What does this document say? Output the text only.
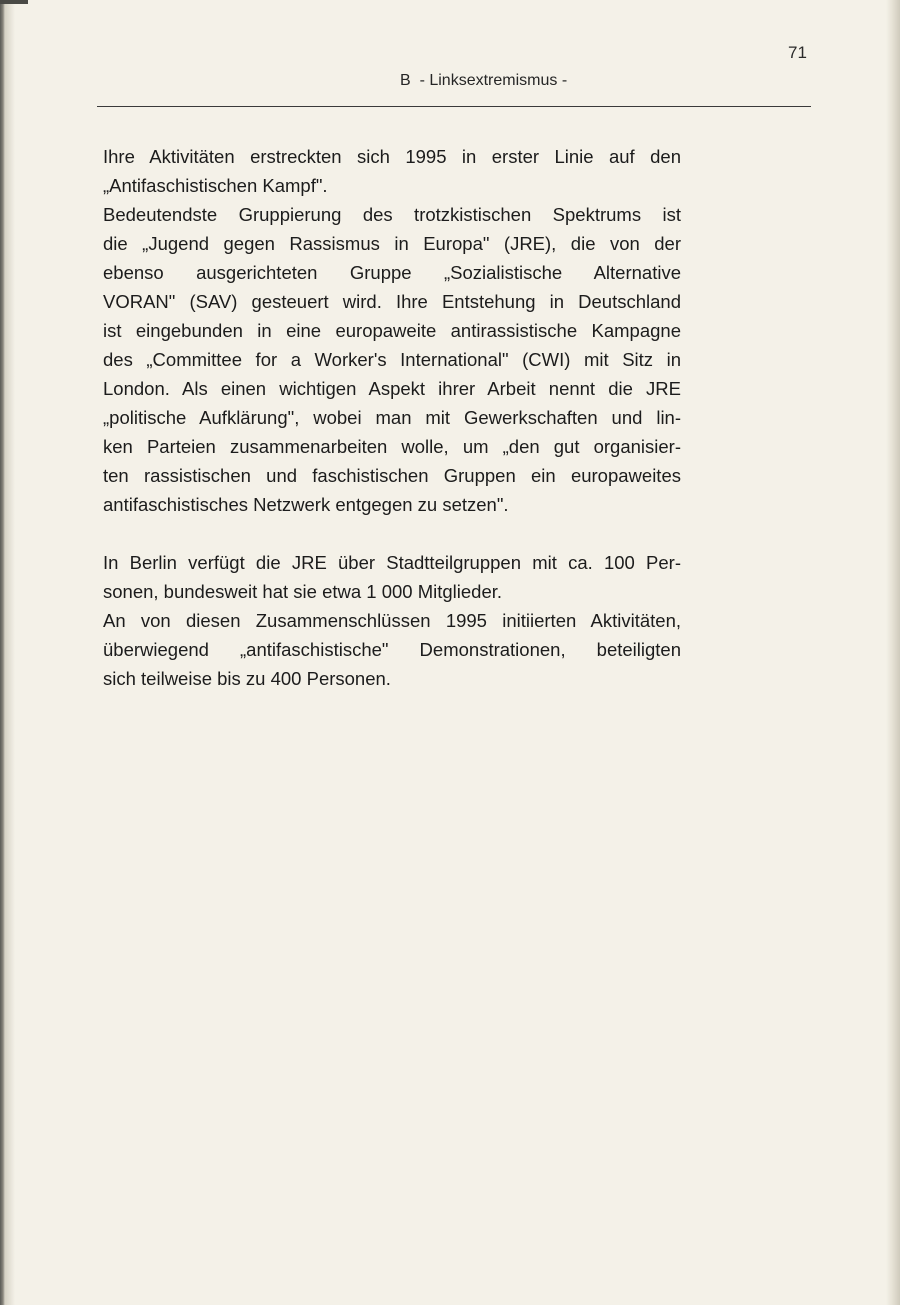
71
B  - Linksextremismus -
Ihre Aktivitäten erstreckten sich 1995 in erster Linie auf den
„Antifaschistischen Kampf".
Bedeutendste Gruppierung des trotzkistischen Spektrums ist
die „Jugend gegen Rassismus in Europa" (JRE), die von der
ebenso ausgerichteten Gruppe „Sozialistische Alternative
VORAN" (SAV) gesteuert wird. Ihre Entstehung in Deutschland
ist eingebunden in eine europaweite antirassistische Kampagne
des „Committee for a Worker's International" (CWI) mit Sitz in
London. Als einen wichtigen Aspekt ihrer Arbeit nennt die JRE
„politische Aufklärung", wobei man mit Gewerkschaften und lin-
ken Parteien zusammenarbeiten wolle, um „den gut organisier-
ten rassistischen und faschistischen Gruppen ein europaweites
antifaschistisches Netzwerk entgegen zu setzen".
In Berlin verfügt die JRE über Stadtteilgruppen mit ca. 100 Per-
sonen, bundesweit hat sie etwa 1 000 Mitglieder.
An von diesen Zusammenschlüssen 1995 initiierten Aktivitäten,
überwiegend „antifaschistische" Demonstrationen, beteiligten
sich teilweise bis zu 400 Personen.
